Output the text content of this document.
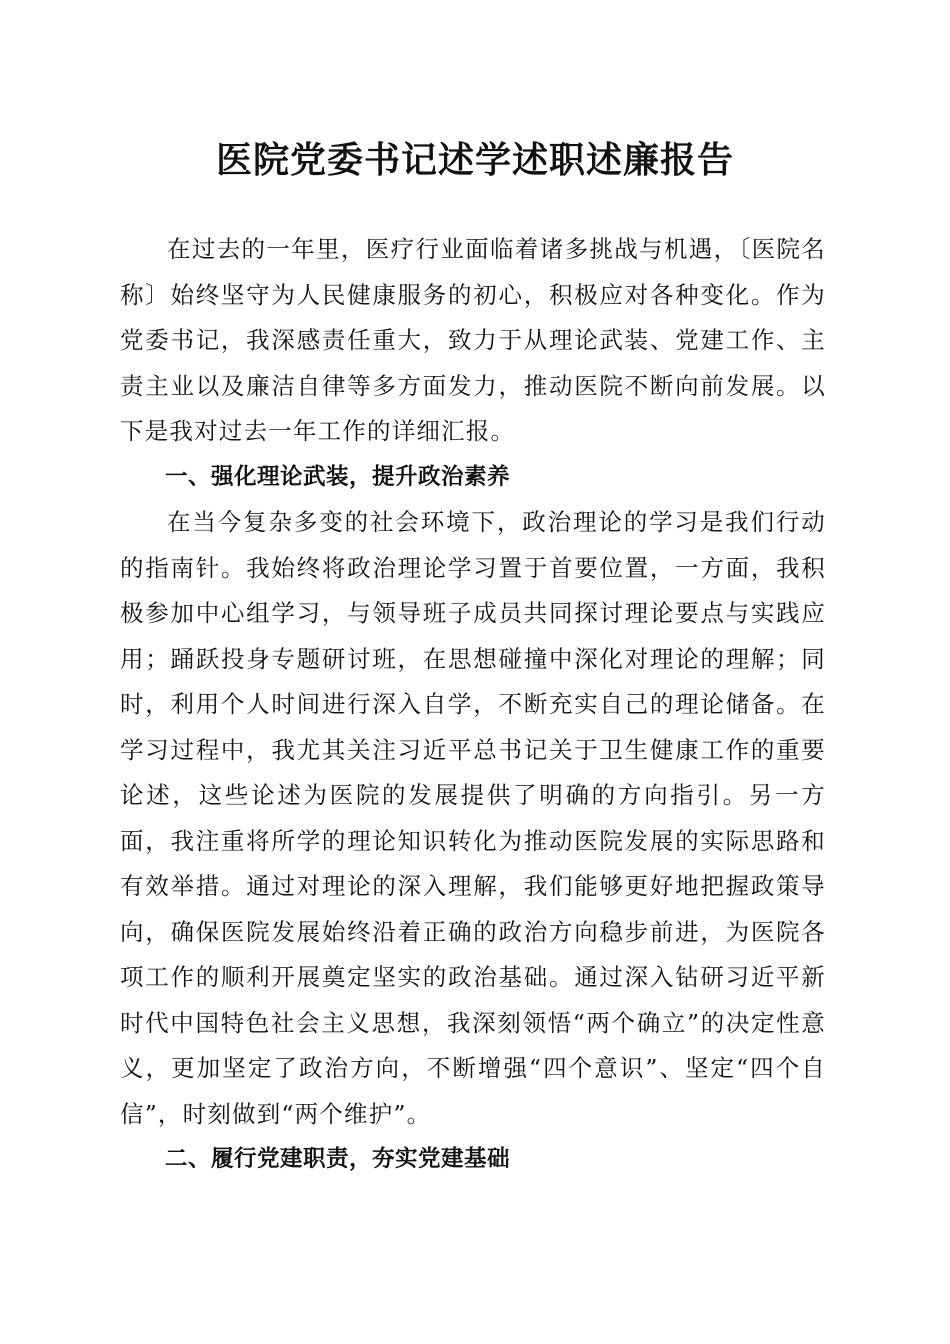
医院党委书记述学述职述廉报告

在过去的一年里，医疗行业面临着诸多挑战与机遇，〔医院名称〕始终坚守为人民健康服务的初心，积极应对各种变化。作为党委书记，我深感责任重大，致力于从理论武装、党建工作、主责主业以及廉洁自律等多方面发力，推动医院不断向前发展。以下是我对过去一年工作的详细汇报。

一、强化理论武装，提升政治素养

在当今复杂多变的社会环境下，政治理论的学习是我们行动的指南针。我始终将政治理论学习置于首要位置，一方面，我积极参加中心组学习，与领导班子成员共同探讨理论要点与实践应用；踊跃投身专题研讨班，在思想碰撞中深化对理论的理解；同时，利用个人时间进行深入自学，不断充实自己的理论储备。在学习过程中，我尤其关注习近平总书记关于卫生健康工作的重要论述，这些论述为医院的发展提供了明确的方向指引。另一方面，我注重将所学的理论知识转化为推动医院发展的实际思路和有效举措。通过对理论的深入理解，我们能够更好地把握政策导向，确保医院发展始终沿着正确的政治方向稳步前进，为医院各项工作的顺利开展奠定坚实的政治基础。通过深入钻研习近平新时代中国特色社会主义思想，我深刻领悟“两个确立”的决定性意义，更加坚定了政治方向，不断增强“四个意识”、坚定“四个自信”，时刻做到“两个维护”。

二、履行党建职责，夯实党建基础
